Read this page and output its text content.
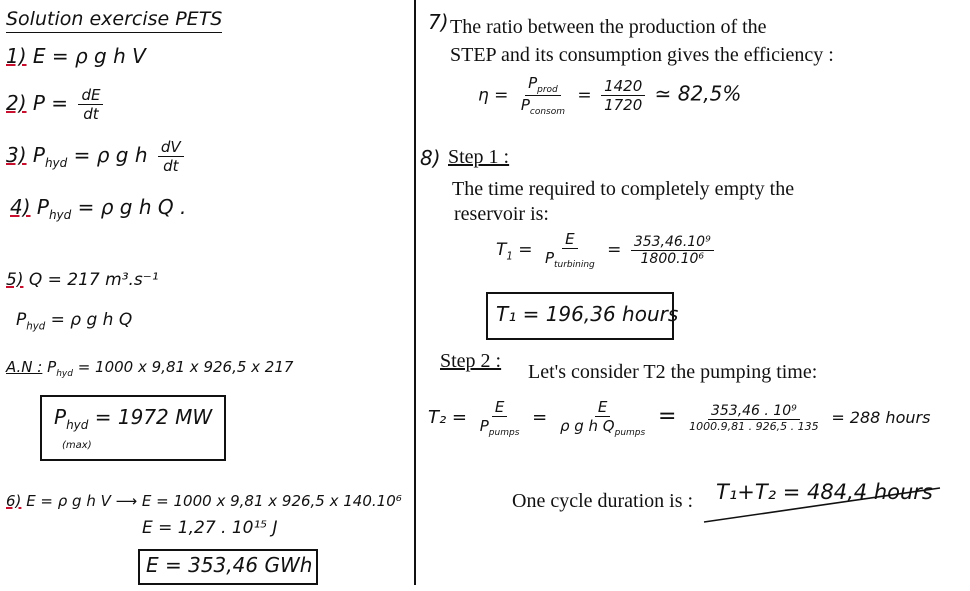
Solution exercise PETS
1) E = ρ g h V
2) $P = \frac{dE}{dt}$
3) $P_{hyd} = \rho$ g h $\frac{dV}{dt}$
4) $P_{hyd} = \rho$ g h Q .
5) Q = 217 m³.s⁻¹
$P_{hyd} = \rho$ g h Q
A.N : $P_{hyd} = 1000$ x 9,81 x 926,5 x 217
$P_{hyd} = 1972$ MW
(max)
6) E = ρ g h V ⟶ E = 1000 x 9,81 x 926,5 x 140.10⁶
E = 1,27 . 10¹⁵ J
E = 353,46 GWh
7) The ratio between the production of the
STEP and its consumption gives the efficiency :
$\eta = \frac{P_{prod}}{P_{consom}} = \frac{1420}{1720}$ ≃ 82,5%
8) Step 1 :
The time required to completely empty the
reservoir is:
$T_1 = \frac{E}{P_{turbining}} = \frac{\text{353,46.10⁹}}{\text{1800.10⁶}}$
T₁ = 196,36 hours
Step 2 : Let's consider T2 the pumping time:
$T_2 = \frac{E}{P_{pumps}} = \frac{E}{\rho g h Q_{pumps}} = \frac{\text{353,46 . 10⁹}}{1000.9,81 . 926,5 . 135} = 288$ hours
One cycle duration is : T₁+T₂ = 484,4 hours
